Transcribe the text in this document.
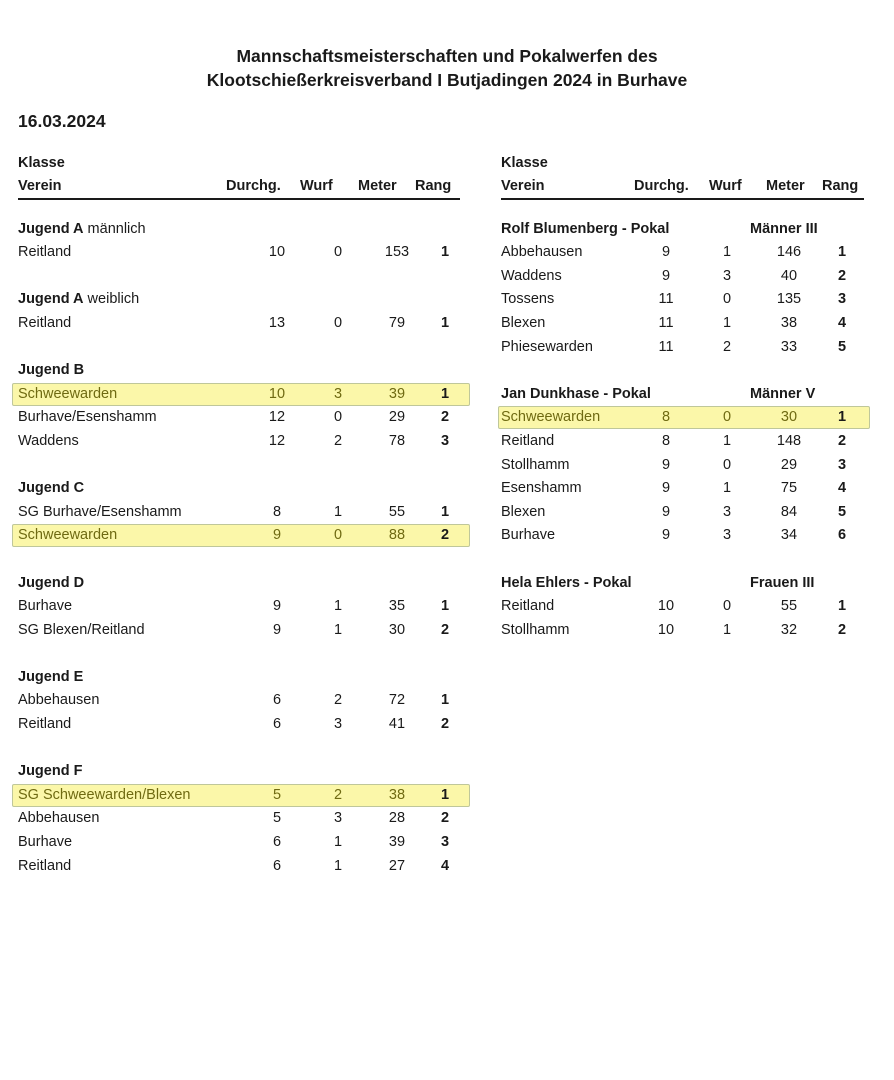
Mannschaftsmeisterschaften und Pokalwerfen des
Klootschießerkreisverband I Butjadingen 2024 in Burhave
16.03.2024
Klasse
Verein	Durchg.	Wurf	Meter	Rang
Jugend A männlich
Reitland	10	0	153	1
Jugend A weiblich
Reitland	13	0	79	1
Jugend B
Schweewarden	10	3	39	1
Burhave/Esenshamm	12	0	29	2
Waddens	12	2	78	3
Jugend C
SG Burhave/Esenshamm	8	1	55	1
Schweewarden	9	0	88	2
Jugend D
Burhave	9	1	35	1
SG Blexen/Reitland	9	1	30	2
Jugend E
Abbehausen	6	2	72	1
Reitland	6	3	41	2
Jugend F
SG Schweewarden/Blexen	5	2	38	1
Abbehausen	5	3	28	2
Burhave	6	1	39	3
Reitland	6	1	27	4
Klasse
Verein	Durchg. Wurf Meter Rang
Rolf Blumenberg - Pokal	Männer III
Abbehausen	9	1	146	1
Waddens	9	3	40	2
Tossens	11	0	135	3
Blexen	11	1	38	4
Phiesewarden	11	2	33	5
Jan Dunkhase - Pokal	Männer V
Schweewarden	8	0	30	1
Reitland	8	1	148	2
Stollhamm	9	0	29	3
Esenshamm	9	1	75	4
Blexen	9	3	84	5
Burhave	9	3	34	6
Hela Ehlers - Pokal	Frauen III
Reitland	10	0	55	1
Stollhamm	10	1	32	2
